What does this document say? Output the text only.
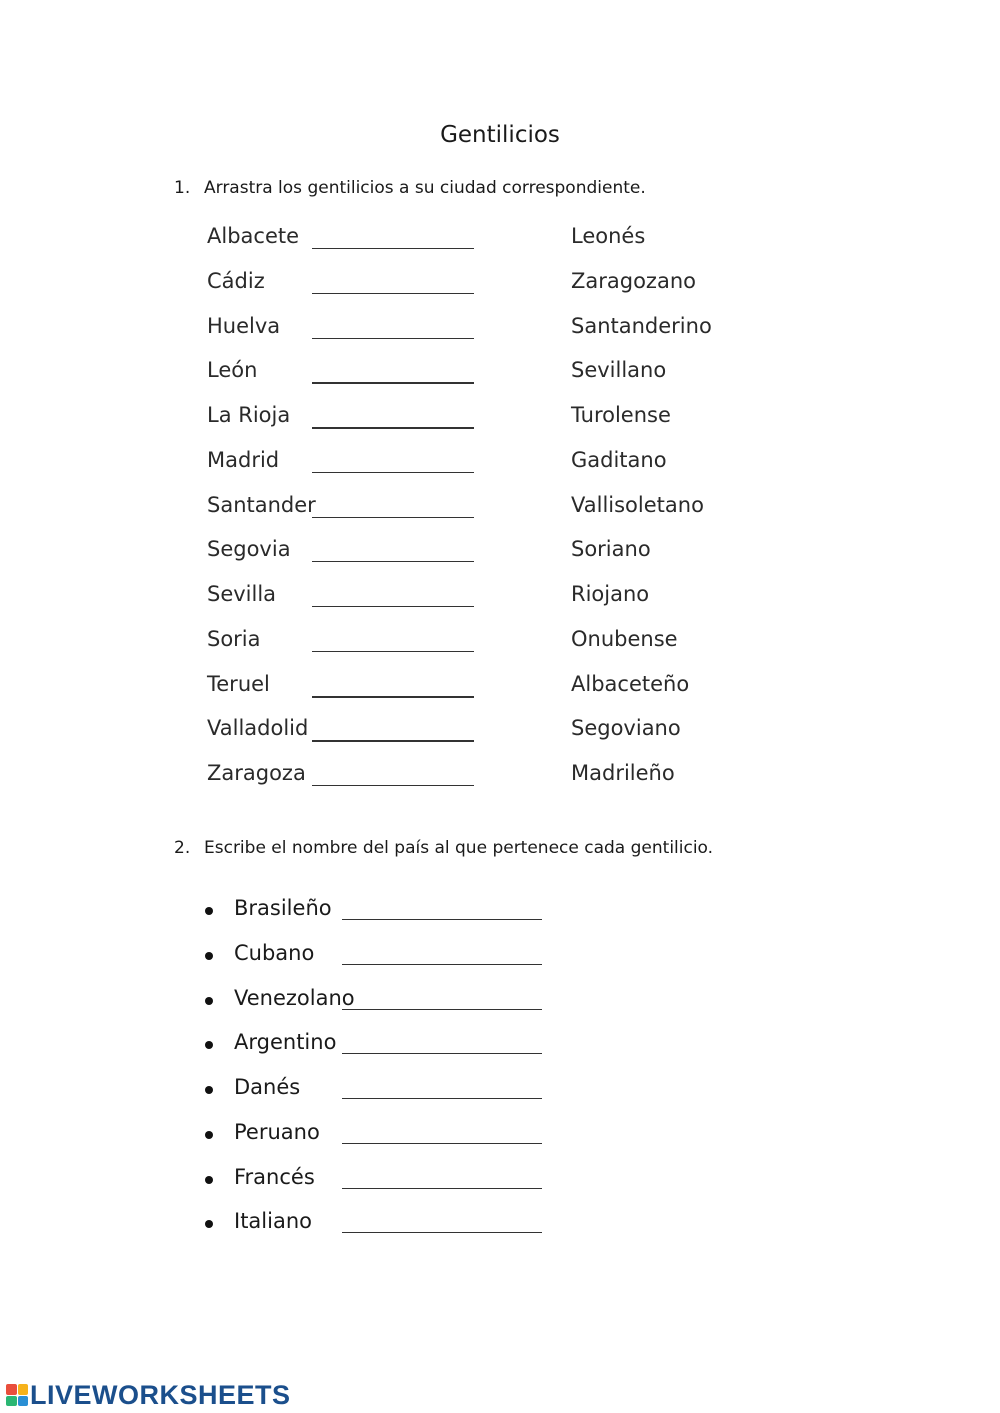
Gentilicios
1. Arrastra los gentilicios a su ciudad correspondiente.
Albacete	Leonés
Cádiz	Zaragozano
Huelva	Santanderino
León	Sevillano
La Rioja	Turolense
Madrid	Gaditano
Santander	Vallisoletano
Segovia	Soriano
Sevilla	Riojano
Soria	Onubense
Teruel	Albaceteño
Valladolid	Segoviano
Zaragoza	Madrileño
2. Escribe el nombre del país al que pertenece cada gentilicio.
Brasileño
Cubano
Venezolano
Argentino
Danés
Peruano
Francés
Italiano
LIVEWORKSHEETS
